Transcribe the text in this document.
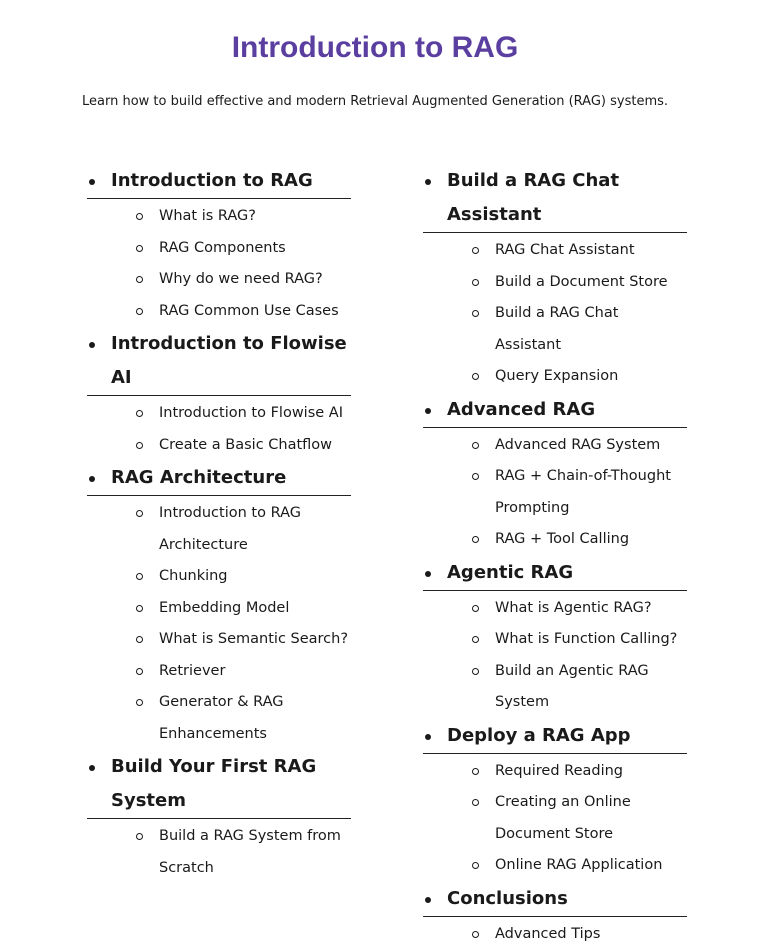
Introduction to RAG

Learn how to build effective and modern Retrieval Augmented Generation (RAG) systems.

Introduction to RAG
What is RAG?
RAG Components
Why do we need RAG?
RAG Common Use Cases
Introduction to Flowise AI
Introduction to Flowise AI
Create a Basic Chatflow
RAG Architecture
Introduction to RAG Architecture
Chunking
Embedding Model
What is Semantic Search?
Retriever
Generator & RAG Enhancements
Build Your First RAG System
Build a RAG System from Scratch
Build a RAG Chat Assistant
RAG Chat Assistant
Build a Document Store
Build a RAG Chat Assistant
Query Expansion
Advanced RAG
Advanced RAG System
RAG + Chain-of-Thought Prompting
RAG + Tool Calling
Agentic RAG
What is Agentic RAG?
What is Function Calling?
Build an Agentic RAG System
Deploy a RAG App
Required Reading
Creating an Online Document Store
Online RAG Application
Conclusions
Advanced Tips
